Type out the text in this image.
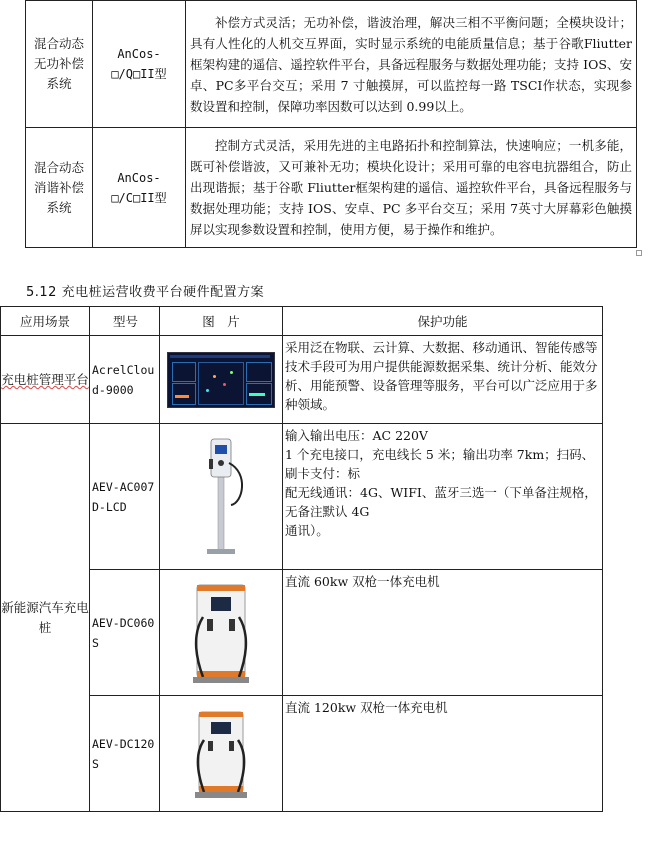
混合动态无功补偿系统	AnCos-□/Q□II型	补偿方式灵活；无功补偿，谐波治理，解决三相不平衡问题；全模块设计；具有人性化的人机交互界面，实时显示系统的电能质量信息；基于谷歌Fliutter框架构建的遥信、遥控软件平台，具备远程服务与数据处理功能；支持 IOS、安卓、PC多平台交互；采用 7 寸触摸屏，可以监控每一路 TSCI作状态，实现参数设置和控制，保障功率因数可以达到 0.99以上。

混合动态消谐补偿系统	AnCos-□/C□II型	控制方式灵活，采用先进的主电路拓扑和控制算法，快速响应；一机多能，既可补偿谐波，又可兼补无功；模块化设计；采用可靠的电容电抗器组合，防止出现谐振；基于谷歌 Fliutter框架构建的遥信、遥控软件平台，具备远程服务与数据处理功能；支持 IOS、安卓、PC 多平台交互；采用 7英寸大屏幕彩色触摸屏以实现参数设置和控制，使用方便，易于操作和维护。
5.12 充电桩运营收费平台硬件配置方案
应用场景	型号	图　片	保护功能
充电桩管理平台	AcrelCloud-9000		采用泛在物联、云计算、大数据、移动通讯、智能传感等技术手段可为用户提供能源数据采集、统计分析、能效分析、用能预警、设备管理等服务，平台可以广泛应用于多种领域。

新能源汽车充电桩	AEV-AC007D-LCD		输入输出电压：AC 220V
1 个充电接口，充电线长 5 米；输出功率 7km；扫码、刷卡支付：标
配无线通讯：4G、WIFI、蓝牙三选一（下单备注规格，无备注默认 4G
通讯）。

	AEV-DC060S		直流 60kw 双枪一体充电机

	AEV-DC120S		直流 120kw 双枪一体充电机
